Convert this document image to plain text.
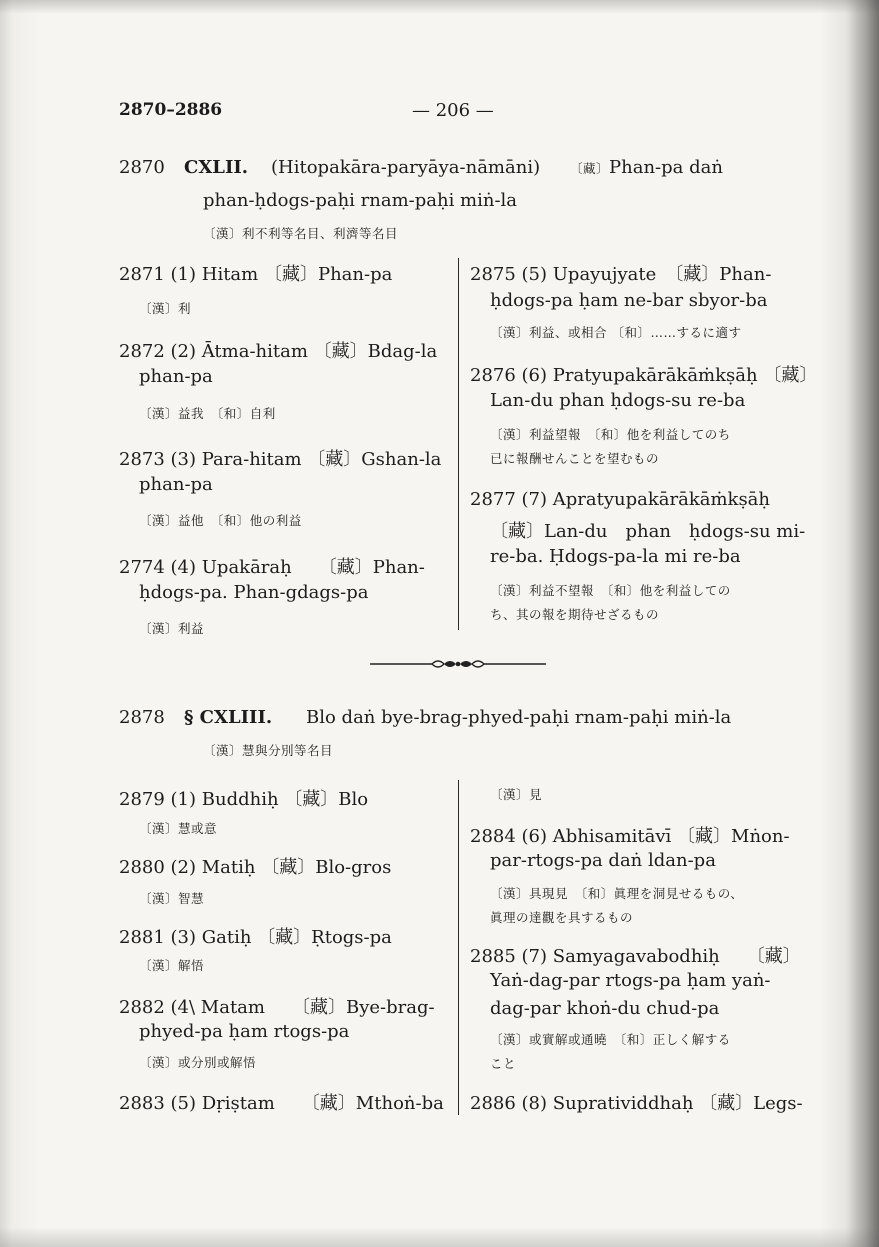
2870–2886	— 206 —
2870 CXLII. (Hitopakāra-paryāya-nāmāni) 〔藏〕Phan-pa daṅ
phan-ḥdogs-paḥi rnam-paḥi miṅ-la
〔漢〕利不利等名目、利濟等名目
2871 (1) Hitam 〔藏〕Phan-pa
〔漢〕利
2872 (2) Ātma-hitam 〔藏〕Bdag-la
phan-pa
〔漢〕益我　〔和〕自利
2873 (3) Para-hitam 〔藏〕Gshan-la
phan-pa
〔漢〕益他　〔和〕他の利益
2774 (4) Upakāraḥ　　〔藏〕Phan-
ḥdogs-pa. Phan-gdags-pa
〔漢〕利益
2875 (5) Upayujyate　〔藏〕Phan-
ḥdogs-pa ḥam ne-bar sbyor-ba
〔漢〕利益、或相合 〔和〕……するに適す
2876 (6) Pratyupakārākāṁkṣāḥ 〔藏〕
Lan-du phan ḥdogs-su re-ba
〔漢〕利益望報　〔和〕他を利益してのち
已に報酬せんことを望むもの
2877 (7) Apratyupakārākāṁkṣāḥ
〔藏〕Lan-du　phan　ḥdogs-su mi-
re-ba. Ḥdogs-pa-la mi re-ba
〔漢〕利益不望報　〔和〕他を利益しての
ち、其の報を期待せざるもの
2878 § CXLIII. Blo daṅ bye-brag-phyed-paḥi rnam-paḥi miṅ-la
〔漢〕慧與分別等名目
2879 (1) Buddhiḥ 〔藏〕Blo
〔漢〕慧或意
2880 (2) Matiḥ 〔藏〕Blo-gros
〔漢〕智慧
2881 (3) Gatiḥ 〔藏〕Ṛtogs-pa
〔漢〕解悟
2882 (4\ Matam　　〔藏〕Bye-brag-
phyed-pa ḥam rtogs-pa
〔漢〕或分別或解悟
2883 (5) Dṛiṣtam　　〔藏〕Mthoṅ-ba
〔漢〕見
2884 (6) Abhisamitāvī 〔藏〕Mṅon-
par-rtogs-pa daṅ ldan-pa
〔漢〕具現見　〔和〕眞理を洞見せるもの、
眞理の達觀を具するもの
2885 (7) Samyagavabodhiḥ　　〔藏〕
Yaṅ-dag-par rtogs-pa ḥam yaṅ-
dag-par khoṅ-du chud-pa
〔漢〕或實解或通曉　〔和〕正しく解する
こと
2886 (8) Supratividdhaḥ 〔藏〕Legs-
